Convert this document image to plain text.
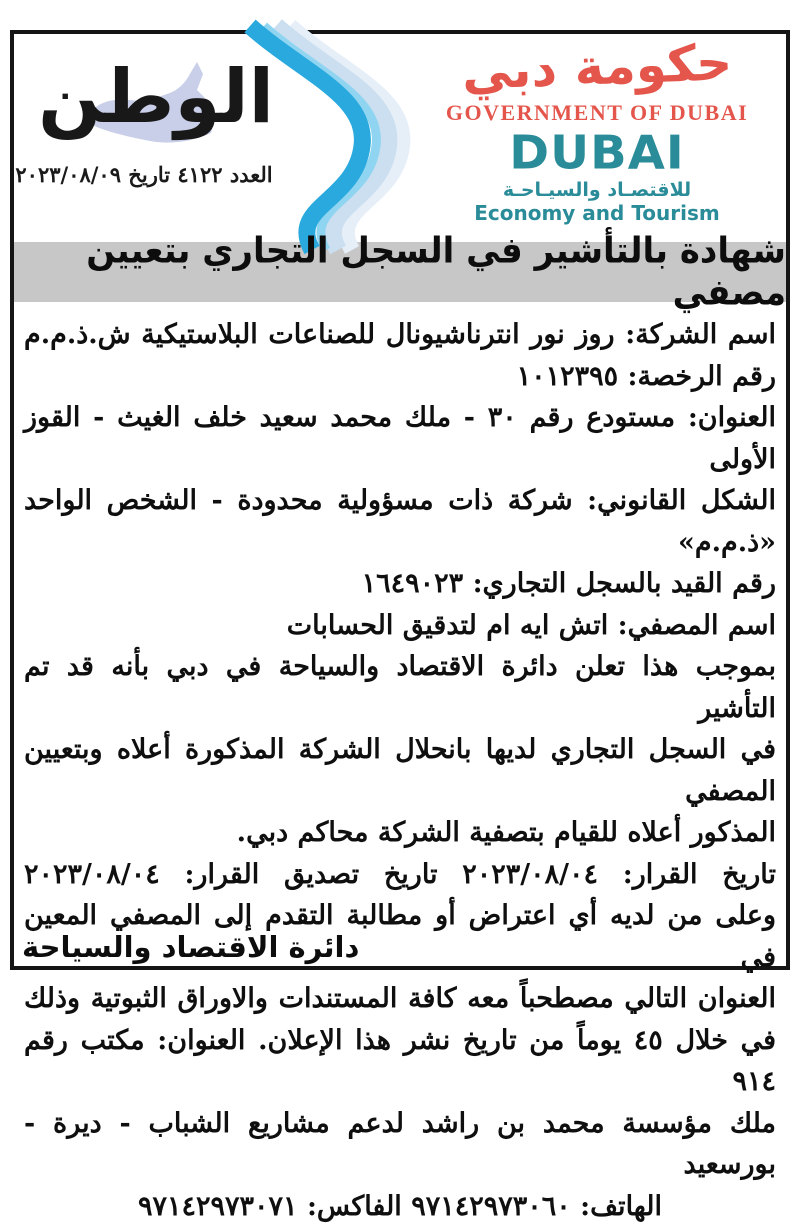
الوطن
العدد ٤١٢٢ تاريخ ٢٠٢٣/٠٨/٠٩
حكومة دبي
GOVERNMENT OF DUBAI
DUBAI
للاقتصـاد والسيـاحـة
Economy and Tourism
شهادة بالتأشير في السجل التجاري بتعيين مصفي
اسم الشركة: روز نور انترناشيونال للصناعات البلاستيكية ش.ذ.م.م
رقم الرخصة: ١٠١٢٣٩٥
العنوان: مستودع رقم ٣٠ - ملك محمد سعيد خلف الغيث - القوز الأولى
الشكل القانوني: شركة ذات مسؤولية محدودة - الشخص الواحد «ذ.م.م»
رقم القيد بالسجل التجاري: ١٦٤٩٠٢٣
اسم المصفي: اتش ايه ام لتدقيق الحسابات
بموجب هذا تعلن دائرة الاقتصاد والسياحة في دبي بأنه قد تم التأشير
في السجل التجاري لديها بانحلال الشركة المذكورة أعلاه وبتعيين المصفي
المذكور أعلاه للقيام بتصفية الشركة محاكم دبي.
تاريخ القرار: ٢٠٢٣/٠٨/٠٤ تاريخ تصديق القرار: ٢٠٢٣/٠٨/٠٤
وعلى من لديه أي اعتراض أو مطالبة التقدم إلى المصفي المعين في
العنوان التالي مصطحباً معه كافة المستندات والاوراق الثبوتية وذلك
في خلال ٤٥ يوماً من تاريخ نشر هذا الإعلان. العنوان: مكتب رقم ٩١٤
ملك مؤسسة محمد بن راشد لدعم مشاريع الشباب - ديرة - بورسعيد
الهاتف: ٩٧١٤٢٩٧٣٠٦٠ الفاكس: ٩٧١٤٢٩٧٣٠٧١
دائرة الاقتصاد والسياحة
